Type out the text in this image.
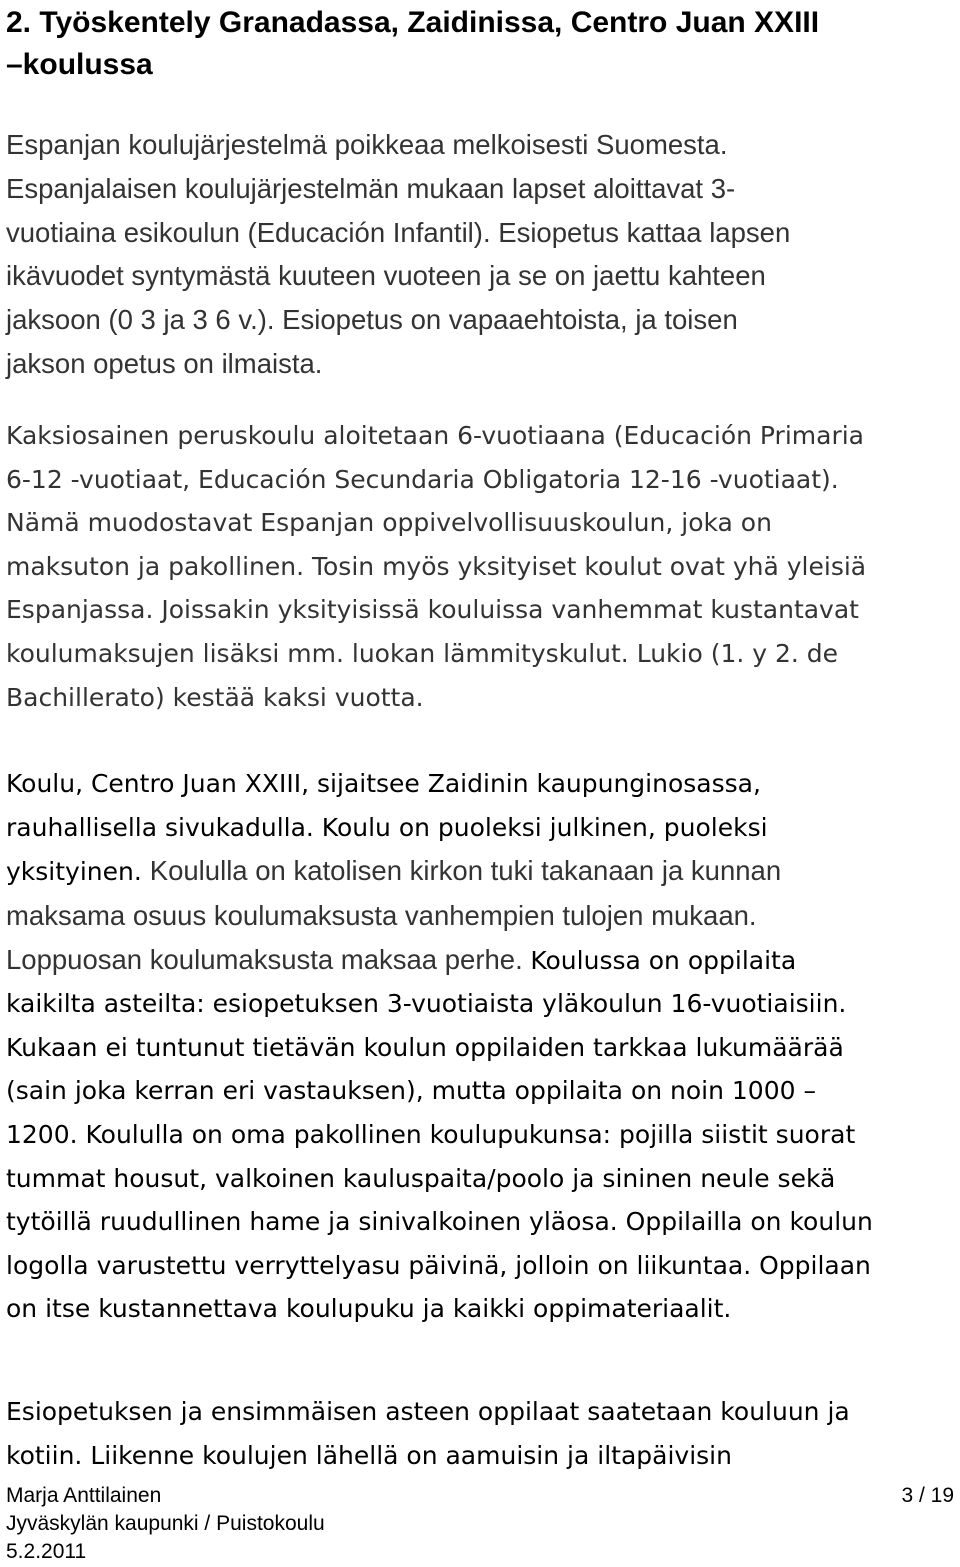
2. Työskentely Granadassa, Zaidinissa, Centro Juan XXIII
–koulussa

Espanjan koulujärjestelmä poikkeaa melkoisesti Suomesta.
Espanjalaisen koulujärjestelmän mukaan lapset aloittavat 3-
vuotiaina esikoulun (Educación Infantil). Esiopetus kattaa lapsen
ikävuodet syntymästä kuuteen vuoteen ja se on jaettu kahteen
jaksoon (0 3 ja 3 6 v.). Esiopetus on vapaaehtoista, ja toisen
jakson opetus on ilmaista.

Kaksiosainen peruskoulu aloitetaan 6-vuotiaana (Educación Primaria
6-12 -vuotiaat, Educación Secundaria Obligatoria 12-16 -vuotiaat).
Nämä muodostavat Espanjan oppivelvollisuuskoulun, joka on
maksuton ja pakollinen. Tosin myös yksityiset koulut ovat yhä yleisiä
Espanjassa. Joissakin yksityisissä kouluissa vanhemmat kustantavat
koulumaksujen lisäksi mm. luokan lämmityskulut. Lukio (1. y 2. de
Bachillerato) kestää kaksi vuotta.

Koulu, Centro Juan XXIII, sijaitsee Zaidinin kaupunginosassa,
rauhallisella sivukadulla. Koulu on puoleksi julkinen, puoleksi
yksityinen. Koululla on katolisen kirkon tuki takanaan ja kunnan
maksama osuus koulumaksusta vanhempien tulojen mukaan.
Loppuosan koulumaksusta maksaa perhe. Koulussa on oppilaita
kaikilta asteilta: esiopetuksen 3-vuotiaista yläkoulun 16-vuotiaisiin.
Kukaan ei tuntunut tietävän koulun oppilaiden tarkkaa lukumäärää
(sain joka kerran eri vastauksen), mutta oppilaita on noin 1000 –
1200. Koululla on oma pakollinen koulupukunsa: pojilla siistit suorat
tummat housut, valkoinen kauluspaita/poolo ja sininen neule sekä
tytöillä ruudullinen hame ja sinivalkoinen yläosa. Oppilailla on koulun
logolla varustettu verryttelyasu päivinä, jolloin on liikuntaa. Oppilaan
on itse kustannettava koulupuku ja kaikki oppimateriaalit.

Esiopetuksen ja ensimmäisen asteen oppilaat saatetaan kouluun ja
kotiin. Liikenne koulujen lähellä on aamuisin ja iltapäivisin

Marja Anttilainen	3 / 19
Jyväskylän kaupunki / Puistokoulu
5.2.2011
